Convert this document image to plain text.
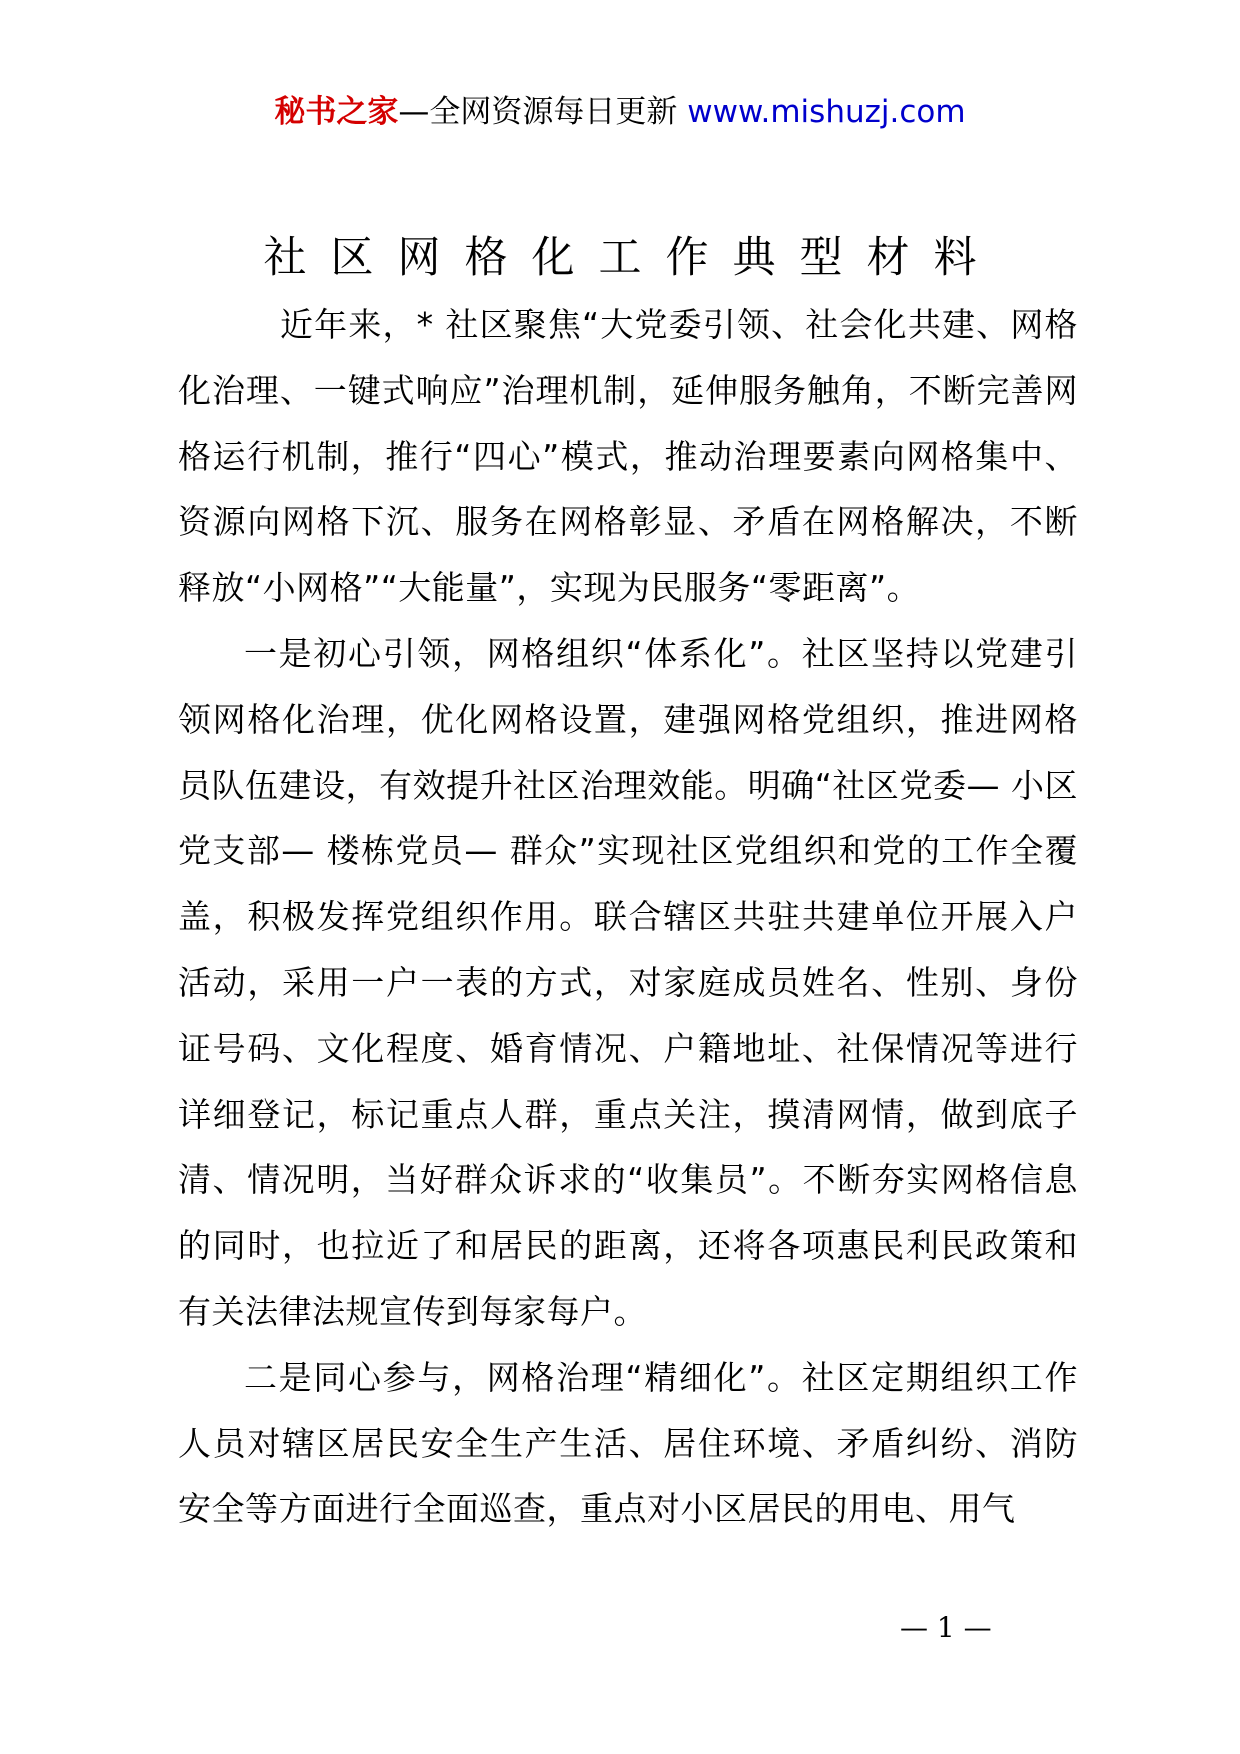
秘书之家—全网资源每日更新 www.mishuzj.com
社区网格化工作典型材料

近年来，* 社区聚焦“大党委引领、社会化共建、网格化治理、一键式响应”治理机制，延伸服务触角，不断完善网格运行机制，推行“四心”模式，推动治理要素向网格集中、资源向网格下沉、服务在网格彰显、矛盾在网格解决，不断释放“小网格”“大能量”，实现为民服务“零距离”。

一是初心引领，网格组织“体系化”。社区坚持以党建引领网格化治理，优化网格设置，建强网格党组织，推进网格员队伍建设，有效提升社区治理效能。明确“社区党委— 小区党支部— 楼栋党员— 群众”实现社区党组织和党的工作全覆盖，积极发挥党组织作用。联合辖区共驻共建单位开展入户活动，采用一户一表的方式，对家庭成员姓名、性别、身份证号码、文化程度、婚育情况、户籍地址、社保情况等进行详细登记，标记重点人群，重点关注，摸清网情，做到底子清、情况明，当好群众诉求的“收集员”。不断夯实网格信息的同时，也拉近了和居民的距离，还将各项惠民利民政策和有关法律法规宣传到每家每户。

二是同心参与，网格治理“精细化”。社区定期组织工作人员对辖区居民安全生产生活、居住环境、矛盾纠纷、消防安全等方面进行全面巡查，重点对小区居民的用电、用气

— 1 —
